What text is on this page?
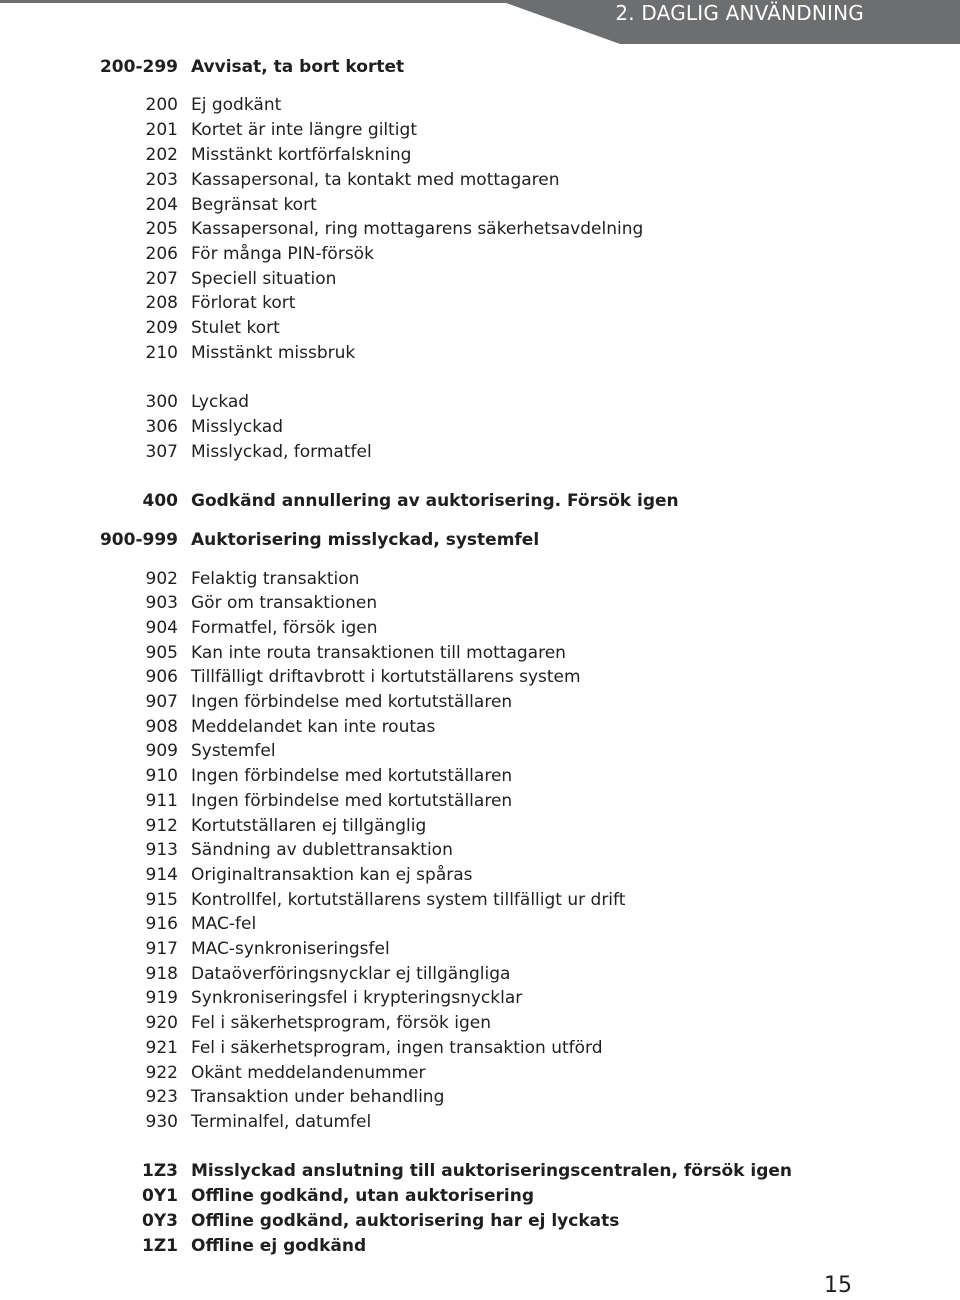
2. DAGLIG ANVÄNDNING
200-299 Avvisat, ta bort kortet
200 Ej godkänt
201 Kortet är inte längre giltigt
202 Misstänkt kortförfalskning
203 Kassapersonal, ta kontakt med mottagaren
204 Begränsat kort
205 Kassapersonal, ring mottagarens säkerhetsavdelning
206 För många PIN-försök
207 Speciell situation
208 Förlorat kort
209 Stulet kort
210 Misstänkt missbruk
300 Lyckad
306 Misslyckad
307 Misslyckad, formatfel
400 Godkänd annullering av auktorisering. Försök igen
900-999 Auktorisering misslyckad, systemfel
902 Felaktig transaktion
903 Gör om transaktionen
904 Formatfel, försök igen
905 Kan inte routa transaktionen till mottagaren
906 Tillfälligt driftavbrott i kortutställarens system
907 Ingen förbindelse med kortutställaren
908 Meddelandet kan inte routas
909 Systemfel
910 Ingen förbindelse med kortutställaren
911 Ingen förbindelse med kortutställaren
912 Kortutställaren ej tillgänglig
913 Sändning av dublettransaktion
914 Originaltransaktion kan ej spåras
915 Kontrollfel, kortutställarens system tillfälligt ur drift
916 MAC-fel
917 MAC-synkroniseringsfel
918 Dataöverföringsnycklar ej tillgängliga
919 Synkroniseringsfel i krypteringsnycklar
920 Fel i säkerhetsprogram, försök igen
921 Fel i säkerhetsprogram, ingen transaktion utförd
922 Okänt meddelandenummer
923 Transaktion under behandling
930 Terminalfel, datumfel
1Z3 Misslyckad anslutning till auktoriseringscentralen, försök igen
0Y1 Offline godkänd, utan auktorisering
0Y3 Offline godkänd, auktorisering har ej lyckats
1Z1 Offline ej godkänd
15
